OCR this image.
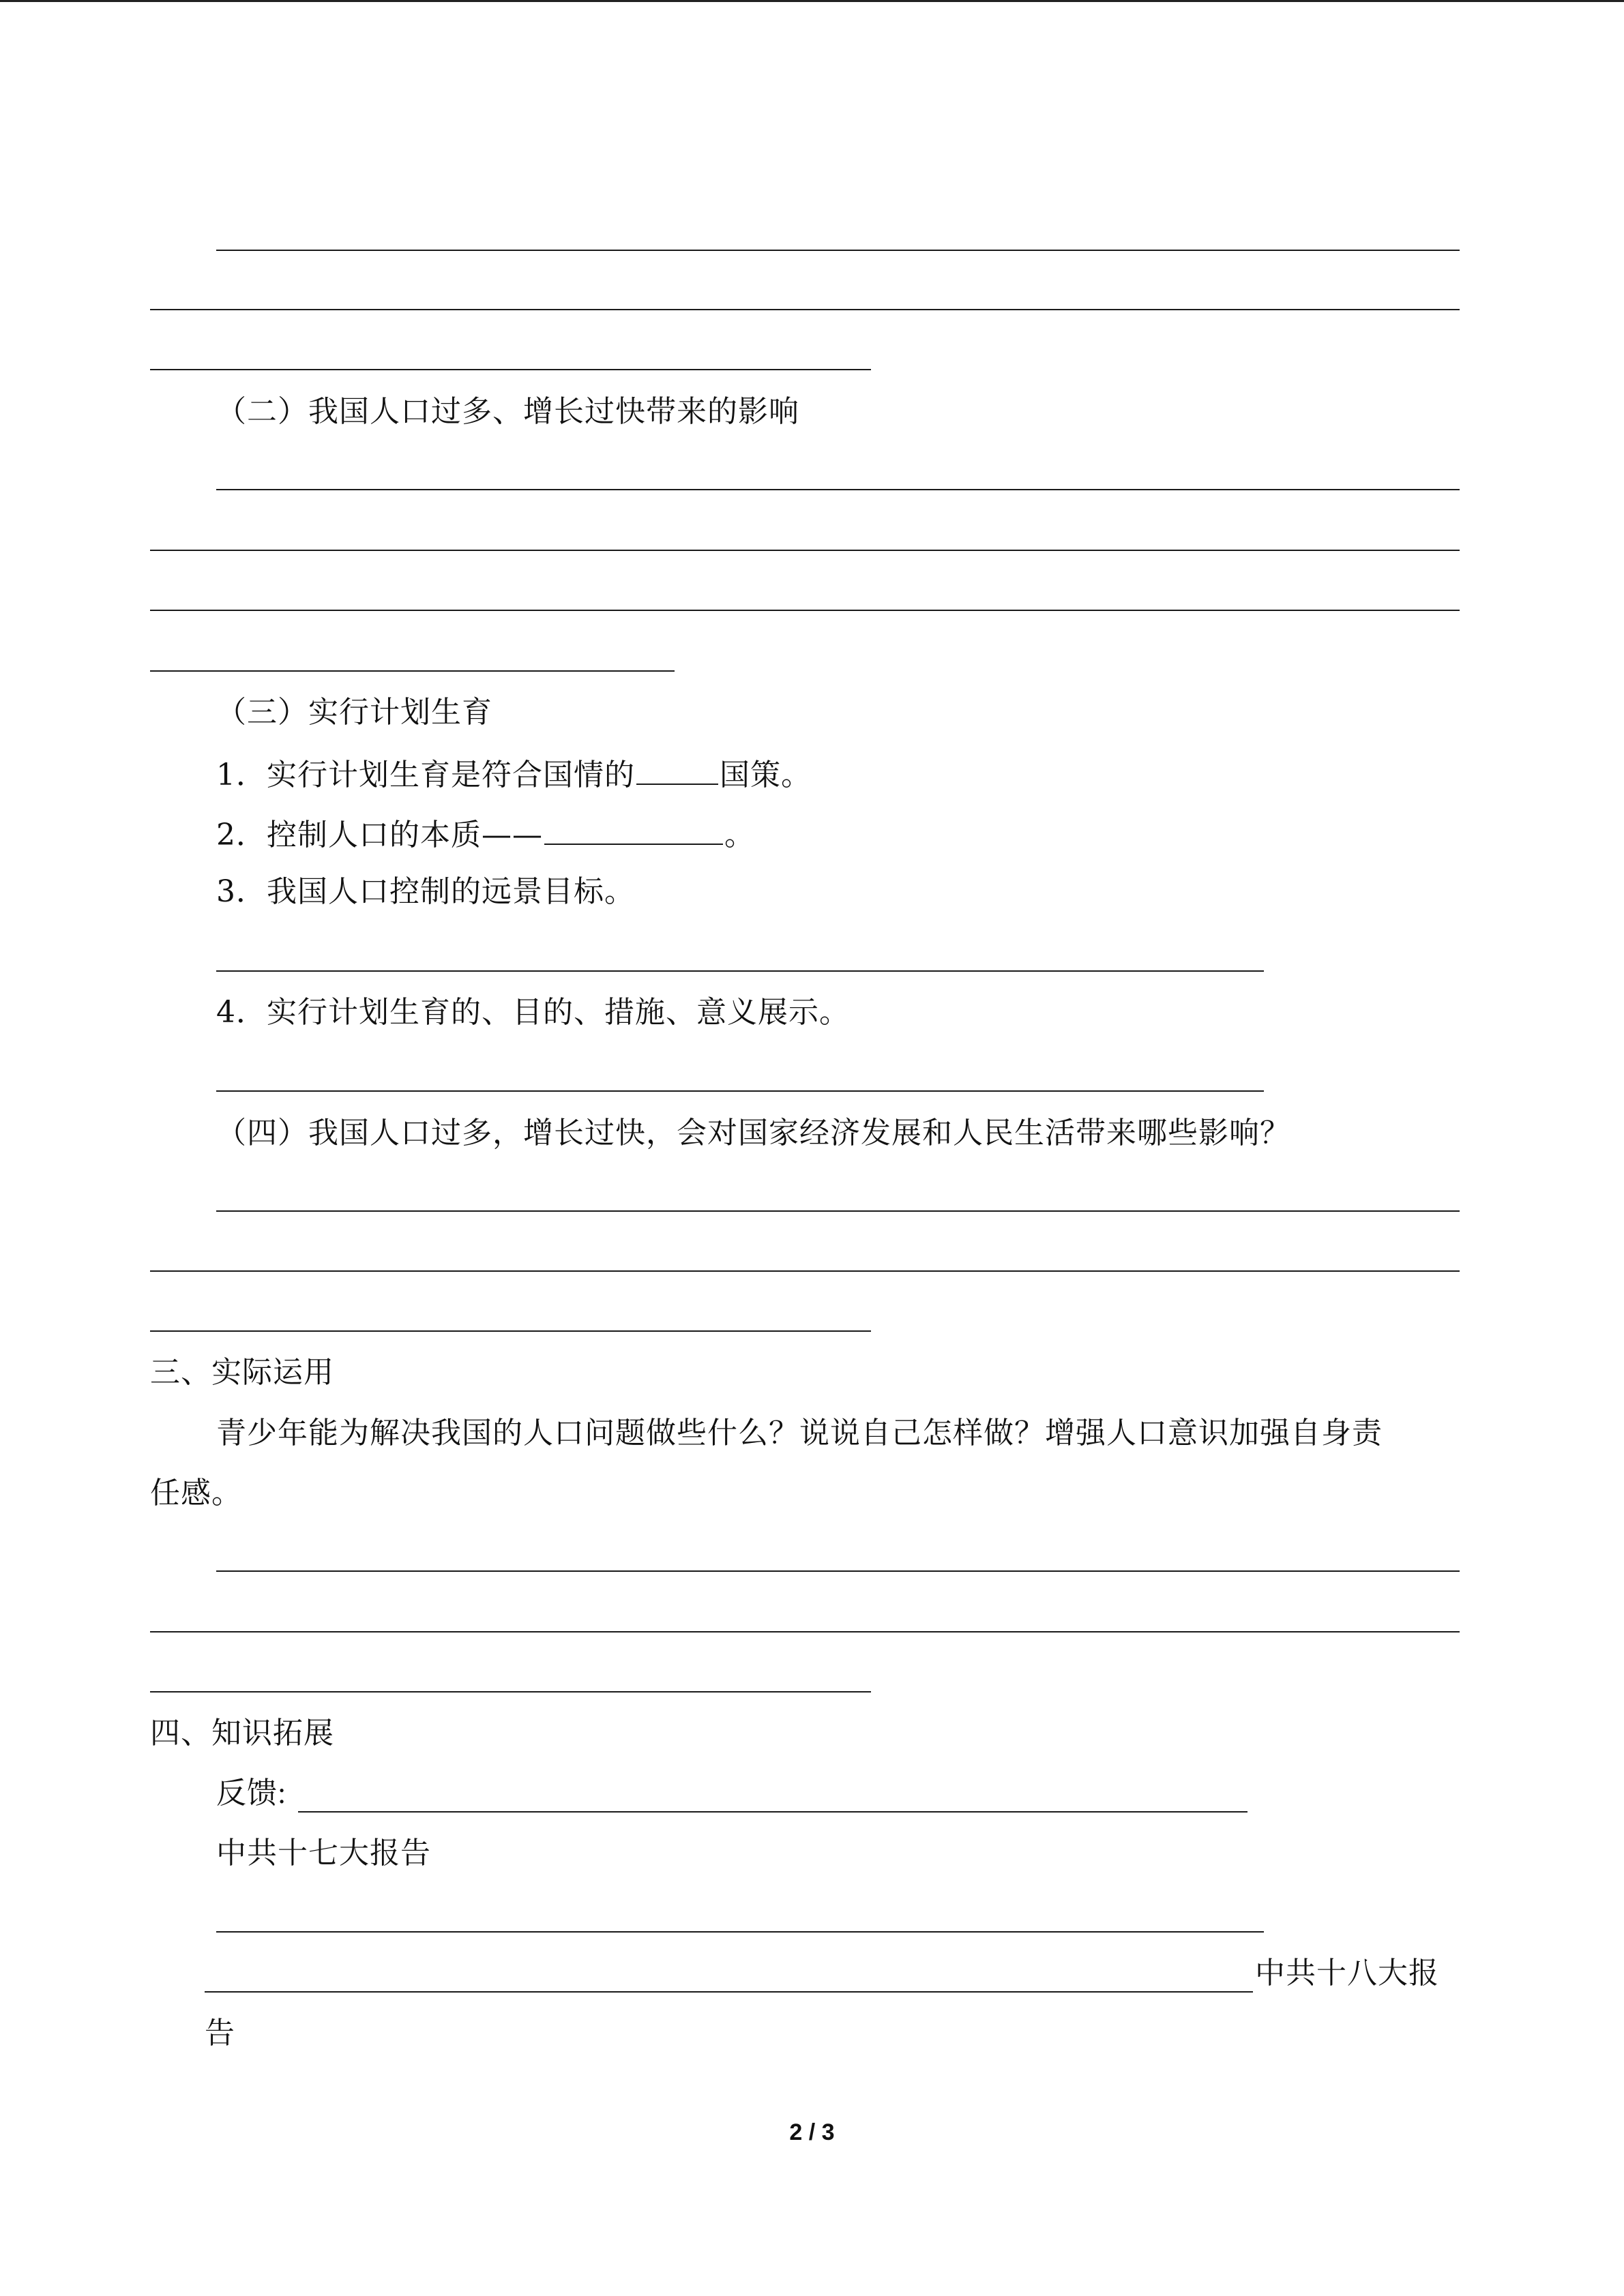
（二）我国人口过多、增长过快带来的影响
（三）实行计划生育
1．实行计划生育是符合国情的	国策。
2．控制人口的本质——	。
3．我国人口控制的远景目标。
4．实行计划生育的、目的、措施、意义展示。
（四）我国人口过多，增长过快，会对国家经济发展和人民生活带来哪些影响？
三、实际运用
青少年能为解决我国的人口问题做些什么？说说自己怎样做？增强人口意识加强自身责
任感。
四、知识拓展
反馈:
中共十七大报告
中共十八大报
告
2 / 3
